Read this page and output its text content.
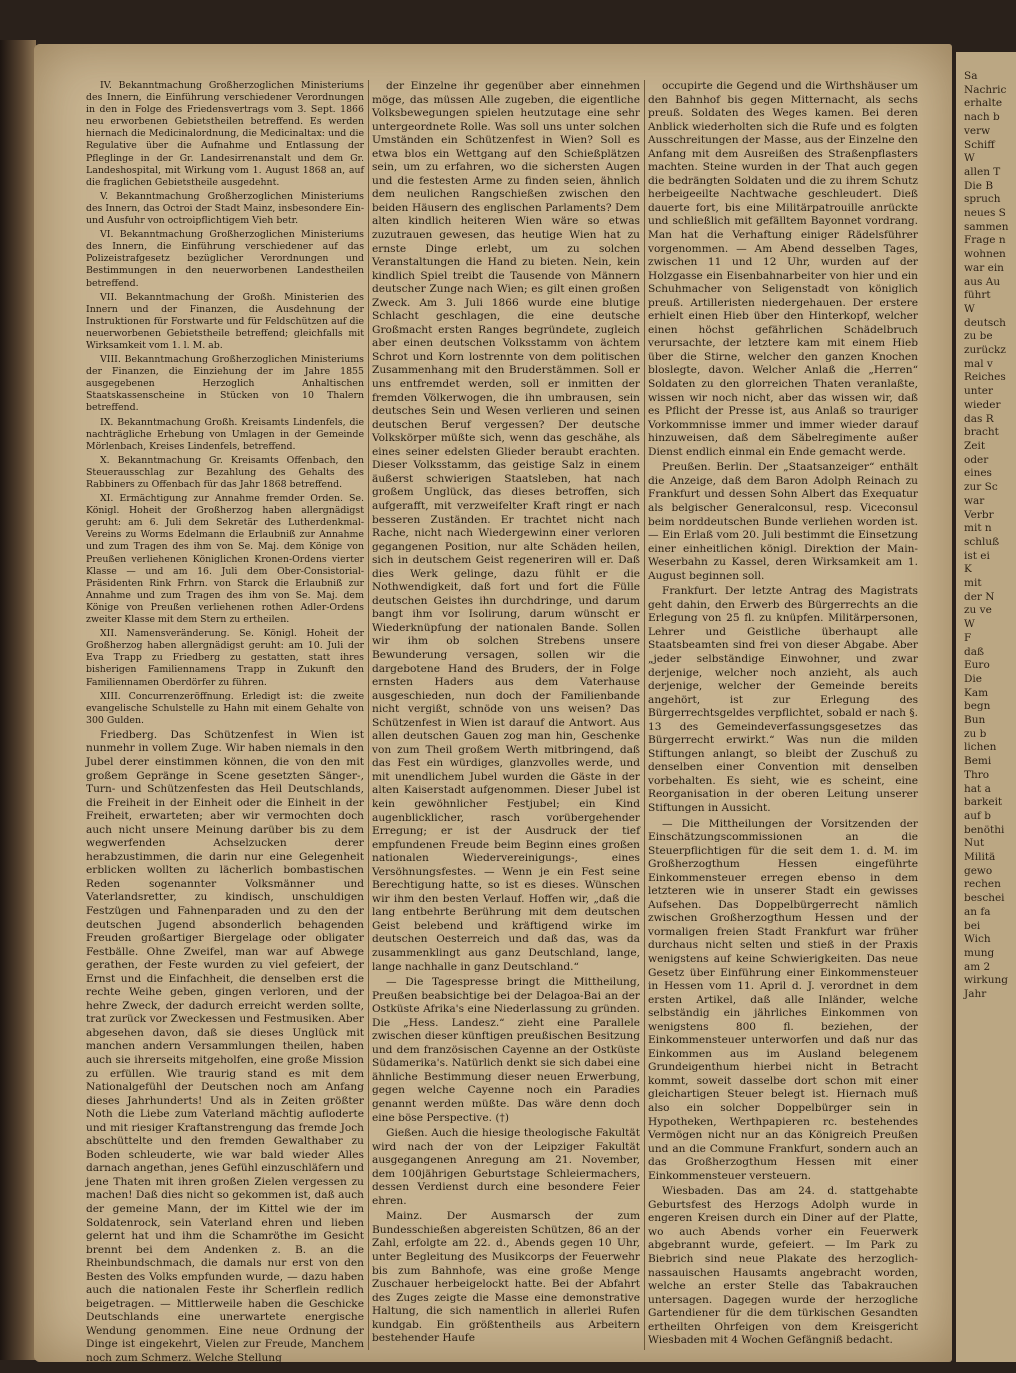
Sa
Nachric
erhalte
nach b
verw
Schiff
W
allen T
Die B
spruch
neues S
sammen
Frage n
wohnen
war ein
aus Au
führt
W
deutsch
zu be
zurückz
mal v
Reiches
unter
wieder
das R
bracht
Zeit
oder
eines
zur Sc
war
Verbr
mit n
schluß
ist ei
K
mit
der N
zu ve
W
F
daß
Euro
Die
Kam
begn
Bun
zu b
lichen
Bemi
Thro
hat a
barkeit
auf b
benöthi
Nut
Militä
gewo
rechen
beschei
an fa
bei
Wich
mung
am 2
wirkung
Jahr

IV. Bekanntmachung Großherzoglichen Ministeriums des Innern, die Einführung verschiedener Verordnungen in den in Folge des Friedensvertrags vom 3. Sept. 1866 neu erworbenen Gebietstheilen betreffend. Es werden hiernach die Medicinalordnung, die Medicinaltax: und die Regulative über die Aufnahme und Entlassung der Pfleglinge in der Gr. Landesirrenanstalt und dem Gr. Landeshospital, mit Wirkung vom 1. August 1868 an, auf die fraglichen Gebietstheile ausgedehnt.

V. Bekanntmachung Großherzoglichen Ministeriums des Innern, das Octroi der Stadt Mainz, insbesondere Ein- und Ausfuhr von octroipflichtigem Vieh betr.

VI. Bekanntmachung Großherzoglichen Ministeriums des Innern, die Einführung verschiedener auf das Polizeistrafgesetz bezüglicher Verordnungen und Bestimmungen in den neuerworbenen Landestheilen betreffend.

VII. Bekanntmachung der Großh. Ministerien des Innern und der Finanzen, die Ausdehnung der Instruktionen für Forstwarte und für Feldschützen auf die neuerworbenen Gebietstheile betreffend; gleichfalls mit Wirksamkeit vom 1. l. M. ab.

VIII. Bekanntmachung Großherzoglichen Ministeriums der Finanzen, die Einziehung der im Jahre 1855 ausgegebenen Herzoglich Anhaltischen Staatskassenscheine in Stücken von 10 Thalern betreffend.

IX. Bekanntmachung Großh. Kreisamts Lindenfels, die nachträgliche Erhebung von Umlagen in der Gemeinde Mörlenbach, Kreises Lindenfels, betreffend.

X. Bekanntmachung Gr. Kreisamts Offenbach, den Steuerausschlag zur Bezahlung des Gehalts des Rabbiners zu Offenbach für das Jahr 1868 betreffend.

XI. Ermächtigung zur Annahme fremder Orden. Se. Königl. Hoheit der Großherzog haben allergnädigst geruht: am 6. Juli dem Sekretär des Lutherdenkmal-Vereins zu Worms Edelmann die Erlaubniß zur Annahme und zum Tragen des ihm von Se. Maj. dem Könige von Preußen verliehenen Königlichen Kronen-Ordens vierter Klasse — und am 16. Juli dem Ober-Consistorial-Präsidenten Rink Frhrn. von Starck die Erlaubniß zur Annahme und zum Tragen des ihm von Se. Maj. dem Könige von Preußen verliehenen rothen Adler-Ordens zweiter Klasse mit dem Stern zu ertheilen.

XII. Namensveränderung. Se. Königl. Hoheit der Großherzog haben allergnädigst geruht: am 10. Juli der Eva Trapp zu Friedberg zu gestatten, statt ihres bisherigen Familiennamens Trapp in Zukunft den Familiennamen Oberdörfer zu führen.

XIII. Concurrenzeröffnung. Erledigt ist: die zweite evangelische Schulstelle zu Hahn mit einem Gehalte von 300 Gulden.

Friedberg. Das Schützenfest in Wien ist nunmehr in vollem Zuge. Wir haben niemals in den Jubel derer einstimmen können, die von den mit großem Gepränge in Scene gesetzten Sänger-, Turn- und Schützenfesten das Heil Deutschlands, die Freiheit in der Einheit oder die Einheit in der Freiheit, erwarteten; aber wir vermochten doch auch nicht unsere Meinung darüber bis zu dem wegwerfenden Achselzucken derer herabzustimmen, die darin nur eine Gelegenheit erblicken wollten zu lächerlich bombastischen Reden sogenannter Volksmänner und Vaterlandsretter, zu kindisch, unschuldigen Festzügen und Fahnenparaden und zu den der deutschen Jugend absonderlich behagenden Freuden großartiger Biergelage oder obligater Festbälle. Ohne Zweifel, man war auf Abwege gerathen, der Feste wurden zu viel gefeiert, der Ernst und die Einfachheit, die denselben erst die rechte Weihe geben, gingen verloren, und der hehre Zweck, der dadurch erreicht werden sollte, trat zurück vor Zweckessen und Festmusiken. Aber abgesehen davon, daß sie dieses Unglück mit manchen andern Versammlungen theilen, haben auch sie ihrerseits mitgeholfen, eine große Mission zu erfüllen. Wie traurig stand es mit dem Nationalgefühl der Deutschen noch am Anfang dieses Jahrhunderts! Und als in Zeiten größter Noth die Liebe zum Vaterland mächtig aufloderte und mit riesiger Kraftanstrengung das fremde Joch abschüttelte und den fremden Gewalthaber zu Boden schleuderte, wie war bald wieder Alles darnach angethan, jenes Gefühl einzuschläfern und jene Thaten mit ihren großen Zielen vergessen zu machen! Daß dies nicht so gekommen ist, daß auch der gemeine Mann, der im Kittel wie der im Soldatenrock, sein Vaterland ehren und lieben gelernt hat und ihm die Schamröthe im Gesicht brennt bei dem Andenken z. B. an die Rheinbundschmach, die damals nur erst von den Besten des Volks empfunden wurde, — dazu haben auch die nationalen Feste ihr Scherflein redlich beigetragen. — Mittlerweile haben die Geschicke Deutschlands eine unerwartete energische Wendung genommen. Eine neue Ordnung der Dinge ist eingekehrt, Vielen zur Freude, Manchem noch zum Schmerz. Welche Stellung

der Einzelne ihr gegenüber aber einnehmen möge, das müssen Alle zugeben, die eigentliche Volksbewegungen spielen heutzutage eine sehr untergeordnete Rolle. Was soll uns unter solchen Umständen ein Schützenfest in Wien? Soll es etwa blos ein Wettgang auf den Schießplätzen sein, um zu erfahren, wo die sichersten Augen und die festesten Arme zu finden seien, ähnlich dem neulichen Rangschießen zwischen den beiden Häusern des englischen Parlaments? Dem alten kindlich heiteren Wien wäre so etwas zuzutrauen gewesen, das heutige Wien hat zu ernste Dinge erlebt, um zu solchen Veranstaltungen die Hand zu bieten. Nein, kein kindlich Spiel treibt die Tausende von Männern deutscher Zunge nach Wien; es gilt einen großen Zweck. Am 3. Juli 1866 wurde eine blutige Schlacht geschlagen, die eine deutsche Großmacht ersten Ranges begründete, zugleich aber einen deutschen Volksstamm von ächtem Schrot und Korn lostrennte von dem politischen Zusammenhang mit den Bruderstämmen. Soll er uns entfremdet werden, soll er inmitten der fremden Völkerwogen, die ihn umbrausen, sein deutsches Sein und Wesen verlieren und seinen deutschen Beruf vergessen? Der deutsche Volkskörper müßte sich, wenn das geschähe, als eines seiner edelsten Glieder beraubt erachten. Dieser Volksstamm, das geistige Salz in einem äußerst schwierigen Staatsleben, hat nach großem Unglück, das dieses betroffen, sich aufgerafft, mit verzweifelter Kraft ringt er nach besseren Zuständen. Er trachtet nicht nach Rache, nicht nach Wiedergewinn einer verloren gegangenen Position, nur alte Schäden heilen, sich in deutschem Geist regeneriren will er. Daß dies Werk gelinge, dazu fühlt er die Nothwendigkeit, daß fort und fort die Fülle deutschen Geistes ihn durchdringe, und darum bangt ihm vor Isolirung, darum wünscht er Wiederknüpfung der nationalen Bande. Sollen wir ihm ob solchen Strebens unsere Bewunderung versagen, sollen wir die dargebotene Hand des Bruders, der in Folge ernsten Haders aus dem Vaterhause ausgeschieden, nun doch der Familienbande nicht vergißt, schnöde von uns weisen? Das Schützenfest in Wien ist darauf die Antwort. Aus allen deutschen Gauen zog man hin, Geschenke von zum Theil großem Werth mitbringend, daß das Fest ein würdiges, glanzvolles werde, und mit unendlichem Jubel wurden die Gäste in der alten Kaiserstadt aufgenommen. Dieser Jubel ist kein gewöhnlicher Festjubel; ein Kind augenblicklicher, rasch vorübergehender Erregung; er ist der Ausdruck der tief empfundenen Freude beim Beginn eines großen nationalen Wiedervereinigungs-, eines Versöhnungsfestes. — Wenn je ein Fest seine Berechtigung hatte, so ist es dieses. Wünschen wir ihm den besten Verlauf. Hoffen wir, „daß die lang entbehrte Berührung mit dem deutschen Geist belebend und kräftigend wirke im deutschen Oesterreich und daß das, was da zusammenklingt aus ganz Deutschland, lange, lange nachhalle in ganz Deutschland.“

— Die Tagespresse bringt die Mittheilung, Preußen beabsichtige bei der Delagoa-Bai an der Ostküste Afrika's eine Niederlassung zu gründen. Die „Hess. Landesz.“ zieht eine Parallele zwischen dieser künftigen preußischen Besitzung und dem französischen Cayenne an der Ostküste Südamerika's. Natürlich denkt sie sich dabei eine ähnliche Bestimmung dieser neuen Erwerbung, gegen welche Cayenne noch ein Paradies genannt werden müßte. Das wäre denn doch eine böse Perspective. (†)

Gießen. Auch die hiesige theologische Fakultät wird nach der von der Leipziger Fakultät ausgegangenen Anregung am 21. November, dem 100jährigen Geburtstage Schleiermachers, dessen Verdienst durch eine besondere Feier ehren.

Mainz. Der Ausmarsch der zum Bundesschießen abgereisten Schützen, 86 an der Zahl, erfolgte am 22. d., Abends gegen 10 Uhr, unter Begleitung des Musikcorps der Feuerwehr bis zum Bahnhofe, was eine große Menge Zuschauer herbeigelockt hatte. Bei der Abfahrt des Zuges zeigte die Masse eine demonstrative Haltung, die sich namentlich in allerlei Rufen kundgab. Ein größtentheils aus Arbeitern bestehender Haufe

occupirte die Gegend und die Wirthshäuser um den Bahnhof bis gegen Mitternacht, als sechs preuß. Soldaten des Weges kamen. Bei deren Anblick wiederholten sich die Rufe und es folgten Ausschreitungen der Masse, aus der Einzelne den Anfang mit dem Ausreißen des Straßenpflasters machten. Steine wurden in der That auch gegen die bedrängten Soldaten und die zu ihrem Schutz herbeigeeilte Nachtwache geschleudert. Dieß dauerte fort, bis eine Militärpatrouille anrückte und schließlich mit gefälltem Bayonnet vordrang. Man hat die Verhaftung einiger Rädelsführer vorgenommen. — Am Abend desselben Tages, zwischen 11 und 12 Uhr, wurden auf der Holzgasse ein Eisenbahnarbeiter von hier und ein Schuhmacher von Seligenstadt von königlich preuß. Artilleristen niedergehauen. Der erstere erhielt einen Hieb über den Hinterkopf, welcher einen höchst gefährlichen Schädelbruch verursachte, der letztere kam mit einem Hieb über die Stirne, welcher den ganzen Knochen bloslegte, davon. Welcher Anlaß die „Herren“ Soldaten zu den glorreichen Thaten veranlaßte, wissen wir noch nicht, aber das wissen wir, daß es Pflicht der Presse ist, aus Anlaß so trauriger Vorkommnisse immer und immer wieder darauf hinzuweisen, daß dem Säbelregimente außer Dienst endlich einmal ein Ende gemacht werde.

Preußen. Berlin. Der „Staatsanzeiger“ enthält die Anzeige, daß dem Baron Adolph Reinach zu Frankfurt und dessen Sohn Albert das Exequatur als belgischer Generalconsul, resp. Viceconsul beim norddeutschen Bunde verliehen worden ist. — Ein Erlaß vom 20. Juli bestimmt die Einsetzung einer einheitlichen königl. Direktion der Main-Weserbahn zu Kassel, deren Wirksamkeit am 1. August beginnen soll.

Frankfurt. Der letzte Antrag des Magistrats geht dahin, den Erwerb des Bürgerrechts an die Erlegung von 25 fl. zu knüpfen. Militärpersonen, Lehrer und Geistliche überhaupt alle Staatsbeamten sind frei von dieser Abgabe. Aber „jeder selbständige Einwohner, und zwar derjenige, welcher noch anzieht, als auch derjenige, welcher der Gemeinde bereits angehört, ist zur Erlegung des Bürgerrechtsgeldes verpflichtet, sobald er nach §. 13 des Gemeindeverfassungsgesetzes das Bürgerrecht erwirkt.“ Was nun die milden Stiftungen anlangt, so bleibt der Zuschuß zu denselben einer Convention mit denselben vorbehalten. Es sieht, wie es scheint, eine Reorganisation in der oberen Leitung unserer Stiftungen in Aussicht.

— Die Mittheilungen der Vorsitzenden der Einschätzungscommissionen an die Steuerpflichtigen für die seit dem 1. d. M. im Großherzogthum Hessen eingeführte Einkommensteuer erregen ebenso in dem letzteren wie in unserer Stadt ein gewisses Aufsehen. Das Doppelbürgerrecht nämlich zwischen Großherzogthum Hessen und der vormaligen freien Stadt Frankfurt war früher durchaus nicht selten und stieß in der Praxis wenigstens auf keine Schwierigkeiten. Das neue Gesetz über Einführung einer Einkommensteuer in Hessen vom 11. April d. J. verordnet in dem ersten Artikel, daß alle Inländer, welche selbständig ein jährliches Einkommen von wenigstens 800 fl. beziehen, der Einkommensteuer unterworfen und daß nur das Einkommen aus im Ausland belegenem Grundeigenthum hierbei nicht in Betracht kommt, soweit dasselbe dort schon mit einer gleichartigen Steuer belegt ist. Hiernach muß also ein solcher Doppelbürger sein in Hypotheken, Werthpapieren rc. bestehendes Vermögen nicht nur an das Königreich Preußen und an die Commune Frankfurt, sondern auch an das Großherzogthum Hessen mit einer Einkommensteuer versteuern.

Wiesbaden. Das am 24. d. stattgehabte Geburtsfest des Herzogs Adolph wurde in engeren Kreisen durch ein Diner auf der Platte, wo auch Abends vorher ein Feuerwerk abgebrannt wurde, gefeiert. — Im Park zu Biebrich sind neue Plakate des herzoglich-nassauischen Hausamts angebracht worden, welche an erster Stelle das Tabakrauchen untersagen. Dagegen wurde der herzogliche Gartendiener für die dem türkischen Gesandten ertheilten Ohrfeigen von dem Kreisgericht Wiesbaden mit 4 Wochen Gefängniß bedacht.
